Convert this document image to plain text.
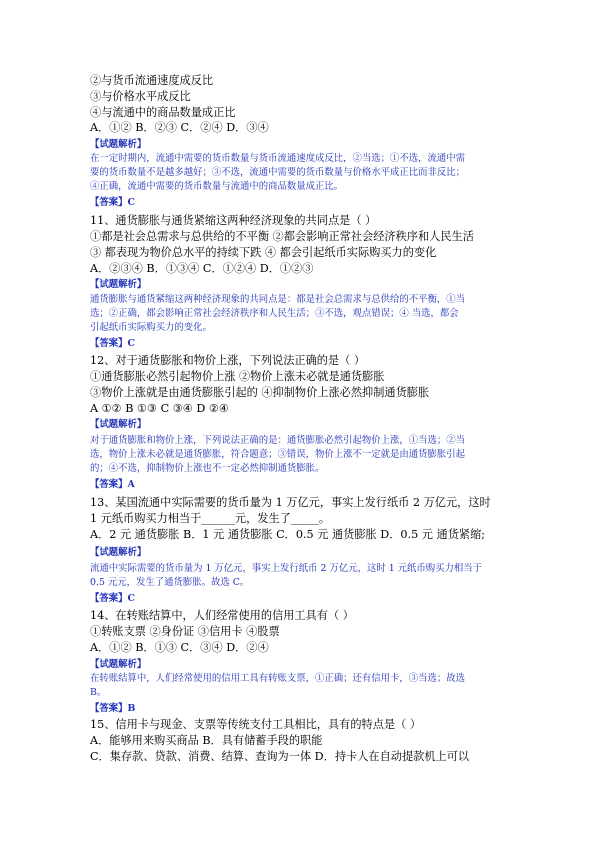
②与货币流通速度成反比
③与价格水平成反比
④与流通中的商品数量成正比
A．①② B．②③ C．②④ D．③④
【试题解析】
在一定时期内，流通中需要的货币数量与货币流通速度成反比，②当选；①不选，流通中需
要的货币数量不是越多越好；③不选，流通中需要的货币数量与价格水平成正比而非反比；
④正确，流通中需要的货币数量与流通中的商品数量成正比。
【答案】C
11、通货膨胀与通货紧缩这两种经济现象的共同点是（ ）
①都是社会总需求与总供给的不平衡 ②都会影响正常社会经济秩序和人民生活
③ 都表现为物价总水平的持续下跌 ④ 都会引起纸币实际购买力的变化
A．②③④ B．①③④ C．①②④ D．①②③
【试题解析】
通货膨胀与通货紧缩这两种经济现象的共同点是：都是社会总需求与总供给的不平衡，①当
选；②正确，都会影响正常社会经济秩序和人民生活；③不选，观点错误；④ 当选，都会
引起纸币实际购买力的变化。
【答案】C
12、对于通货膨胀和物价上涨，下列说法正确的是（ ）
①通货膨胀必然引起物价上涨 ②物价上涨未必就是通货膨胀
③物价上涨就是由通货膨胀引起的 ④抑制物价上涨必然抑制通货膨胀
A ①② B ①③ C ③④ D ②④
【试题解析】
对于通货膨胀和物价上涨，下列说法正确的是：通货膨胀必然引起物价上涨，①当选；②当
选，物价上涨未必就是通货膨胀，符合题意；③错误，物价上涨不一定就是由通货膨胀引起
的；④不选，抑制物价上涨也不一定必然抑制通货膨胀。
【答案】A
13、某国流通中实际需要的货币量为 1 万亿元，事实上发行纸币 2 万亿元，这时
1 元纸币购买力相当于______元，发生了_____。
A．2 元 通货膨胀 B．1 元 通货膨胀 C．0.5 元 通货膨胀 D．0.5 元 通货紧缩;
【试题解析】
流通中实际需要的货币量为 1 万亿元，事实上发行纸币 2 万亿元，这时 1 元纸币购买力相当于
0.5 元元，发生了通货膨胀。故选 C。
【答案】C
14、在转账结算中，人们经常使用的信用工具有（ ）
①转账支票 ②身份证 ③信用卡 ④股票
A．①② B．①③ C．③④ D．②④
【试题解析】
在转账结算中，人们经常使用的信用工具有转账支票，①正确；还有信用卡，③当选；故选
B。
【答案】B
15、信用卡与现金、支票等传统支付工具相比，具有的特点是（ ）
A．能够用来购买商品 B．具有储蓄手段的职能
C．集存款、贷款、消费、结算、查询为一体 D．持卡人在自动提款机上可以
